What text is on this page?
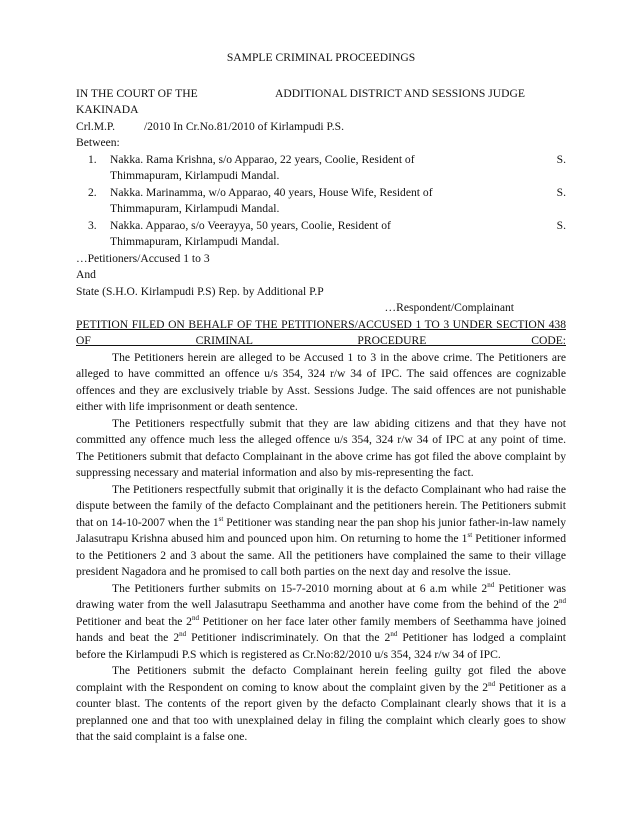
SAMPLE CRIMINAL PROCEEDINGS

IN THE COURT OF THE	ADDITIONAL DISTRICT AND SESSIONS JUDGE

KAKINADA

Crl.M.P.          /2010 In Cr.No.81/2010 of Kirlampudi P.S.

Between:

1. Nakka. Rama Krishna, s/o Apparao, 22 years, Coolie, Resident of	S.
Thimmapuram, Kirlampudi Mandal.
2. Nakka. Marinamma, w/o Apparao, 40 years, House Wife, Resident of	S.
Thimmapuram, Kirlampudi Mandal.
3. Nakka. Apparao, s/o Veerayya, 50 years, Coolie, Resident of	S.
Thimmapuram, Kirlampudi Mandal.

…Petitioners/Accused 1 to 3

And

State (S.H.O. Kirlampudi P.S) Rep. by Additional P.P

…Respondent/Complainant

PETITION FILED ON BEHALF OF THE PETITIONERS/ACCUSED 1 TO 3 UNDER SECTION 438 OF CRIMINAL PROCEDURE CODE:

The Petitioners herein are alleged to be Accused 1 to 3 in the above crime. The Petitioners are alleged to have committed an offence u/s 354, 324 r/w 34 of IPC. The said offences are cognizable offences and they are exclusively triable by Asst. Sessions Judge. The said offences are not punishable either with life imprisonment or death sentence.

The Petitioners respectfully submit that they are law abiding citizens and that they have not committed any offence much less the alleged offence u/s 354, 324 r/w 34 of IPC at any point of time. The Petitioners submit that defacto Complainant in the above crime has got filed the above complaint by suppressing necessary and material information and also by mis-representing the fact.

The Petitioners respectfully submit that originally it is the defacto Complainant who had raise the dispute between the family of the defacto Complainant and the petitioners herein. The Petitioners submit that on 14-10-2007 when the 1st Petitioner was standing near the pan shop his junior father-in-law namely Jalasutrapu Krishna abused him and pounced upon him. On returning to home the 1st Petitioner informed to the Petitioners 2 and 3 about the same. All the petitioners have complained the same to their village president Nagadora and he promised to call both parties on the next day and resolve the issue.

The Petitioners further submits on 15-7-2010 morning about at 6 a.m while 2nd Petitioner was drawing water from the well Jalasutrapu Seethamma and another have come from the behind of the 2nd Petitioner and beat the 2nd Petitioner on her face later other family members of Seethamma have joined hands and beat the 2nd Petitioner indiscriminately. On that the 2nd Petitioner has lodged a complaint before the Kirlampudi P.S which is registered as Cr.No:82/2010 u/s 354, 324 r/w 34 of IPC.

The Petitioners submit the defacto Complainant herein feeling guilty got filed the above complaint with the Respondent on coming to know about the complaint given by the 2nd Petitioner as a counter blast. The contents of the report given by the defacto Complainant clearly shows that it is a preplanned one and that too with unexplained delay in filing the complaint which clearly goes to show that the said complaint is a false one.
